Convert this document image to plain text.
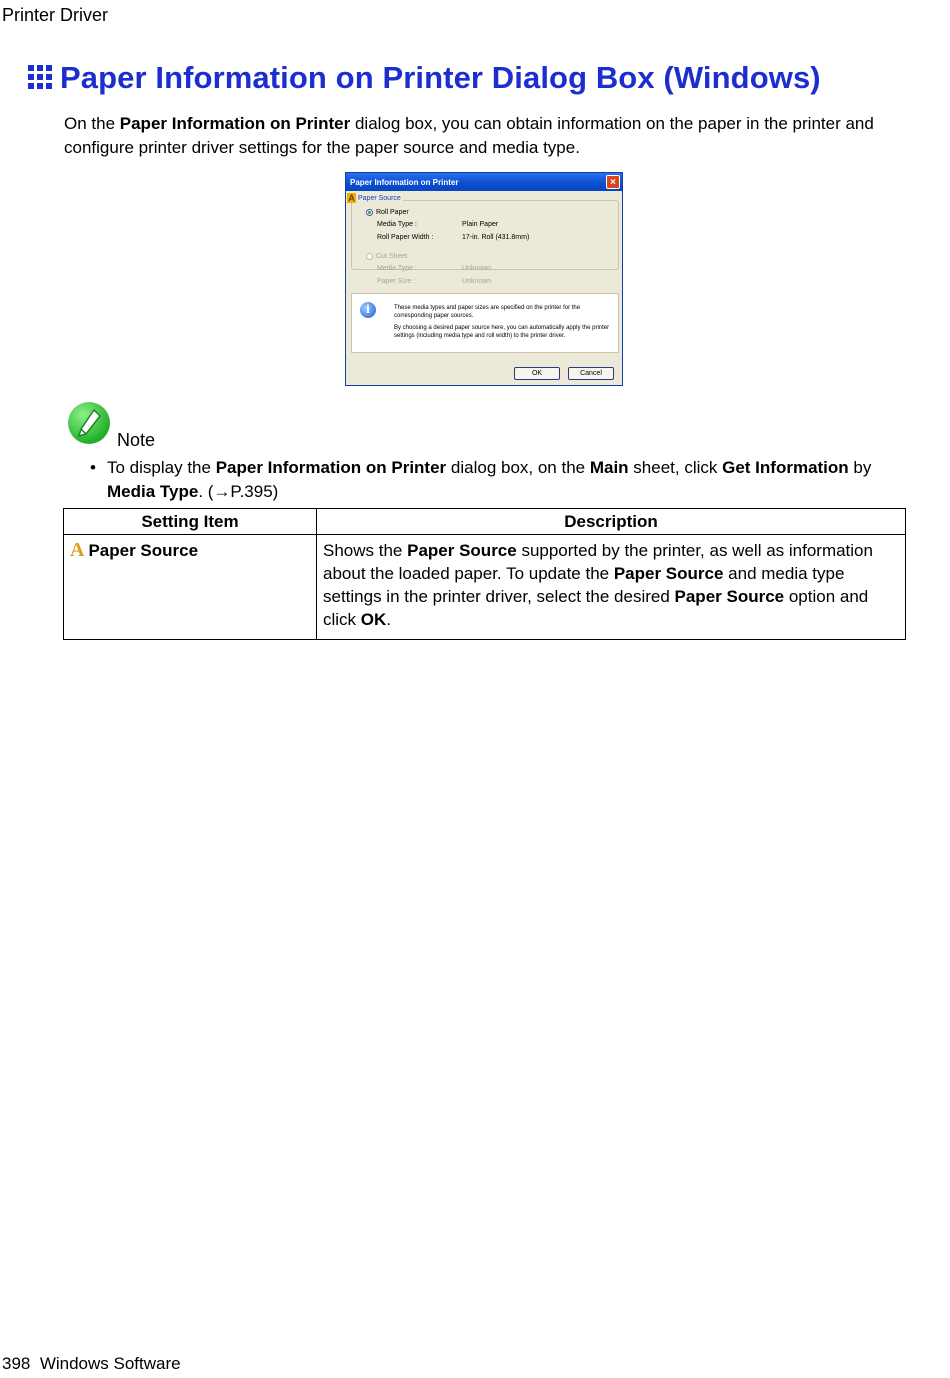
Printer Driver
Paper Information on Printer Dialog Box (Windows)

On the Paper Information on Printer dialog box, you can obtain information on the paper in the printer and configure printer driver settings for the paper source and media type.

Paper Information on Printer	×
A Paper Source
Roll Paper
Media Type :	Plain Paper
Roll Paper Width :	17-in. Roll (431.8mm)
Cut Sheet
Media Type :	Unknown
Paper Size :	Unknown
i	These media types and paper sizes are specified on the printer for the corresponding paper sources.
By choosing a desired paper source here, you can automatically apply the printer settings (including media type and roll width) to the printer driver.
OK	Cancel
Note
• To display the Paper Information on Printer dialog box, on the Main sheet, click Get Information by Media Type. (→P.395)
Setting Item	Description
A Paper Source	Shows the Paper Source supported by the printer, as well as information about the loaded paper. To update the Paper Source and media type settings in the printer driver, select the desired Paper Source option and click OK.
398 Windows Software
